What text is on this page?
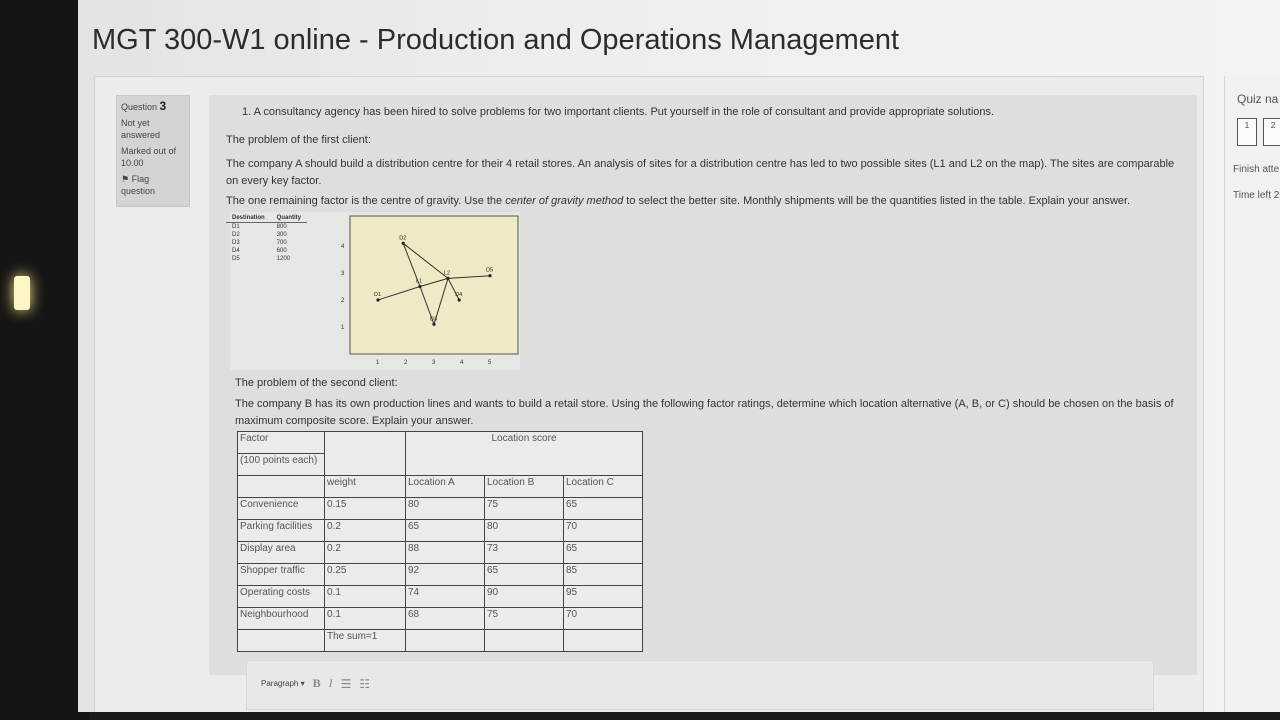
MGT 300-W1 online - Production and Operations Management
Question 3
Not yet answered
Marked out of 10.00
⚑ Flag question
1. A consultancy agency has been hired to solve problems for two important clients. Put yourself in the role of consultant and provide appropriate solutions.
The problem of the first client:
The company A should build a distribution centre for their 4 retail stores. An analysis of sites for a distribution centre has led to two possible sites (L1 and L2 on the map). The sites are comparable on every key factor.
The one remaining factor is the centre of gravity. Use the center of gravity method to select the better site. Monthly shipments will be the quantities listed in the table. Explain your answer.
4
3
2
1
1	2	3	4	5
D1
D2
D3
D4
D5
L1
L2
Destination	Quantity
D1	800
D2	300
D3	700
D4	600
D5	1200
The problem of the second client:
The company B has its own production lines and wants to build a retail store. Using the following factor ratings, determine which location alternative (A, B, or C) should be chosen on the basis of maximum composite score. Explain your answer.
Factor		Location score		
(100 points each)				
	weight	Location A	Location B	Location C
Convenience	0.15	80	75	65
Parking facilities	0.2	65	80	70
Display area	0.2	88	73	65
Shopper traffic	0.25	92	65	85
Operating costs	0.1	74	90	95
Neighbourhood	0.1	68	75	70
	The sum=1			
Paragraph ▾ B I ☰ ☷
Quiz na
1	2
Finish atte
Time left 2
